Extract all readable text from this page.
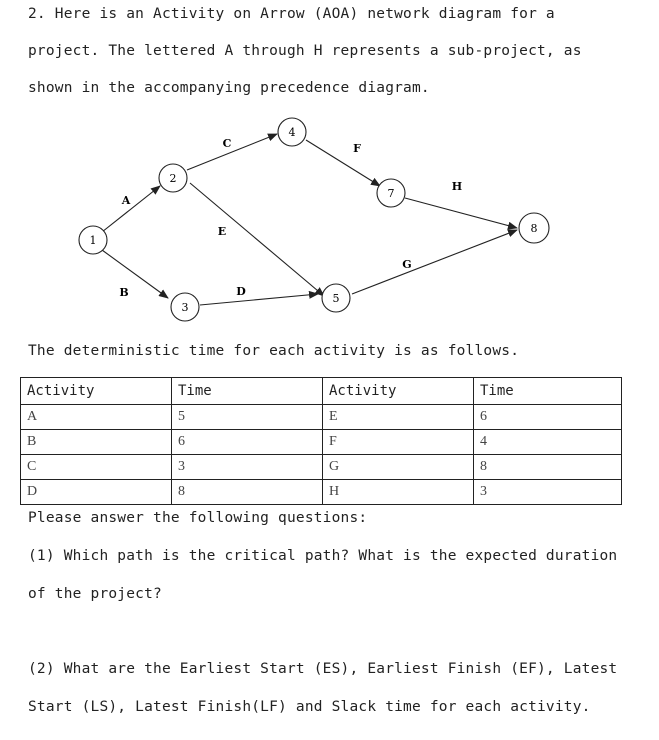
2. Here is an Activity on Arrow (AOA) network diagram for a
project. The lettered A through H represents a sub-project, as
shown in the accompanying precedence diagram.
1
2
3
4
5
7
8
A
B
C
D
E
F
G
H
The deterministic time for each activity is as follows.
Activity	Time	Activity	Time
A	5	E	6
B	6	F	4
C	3	G	8
D	8	H	3
Please answer the following questions:
(1) Which path is the critical path? What is the expected duration
of the project?
(2) What are the Earliest Start (ES), Earliest Finish (EF), Latest
Start (LS), Latest Finish(LF) and Slack time for each activity.
